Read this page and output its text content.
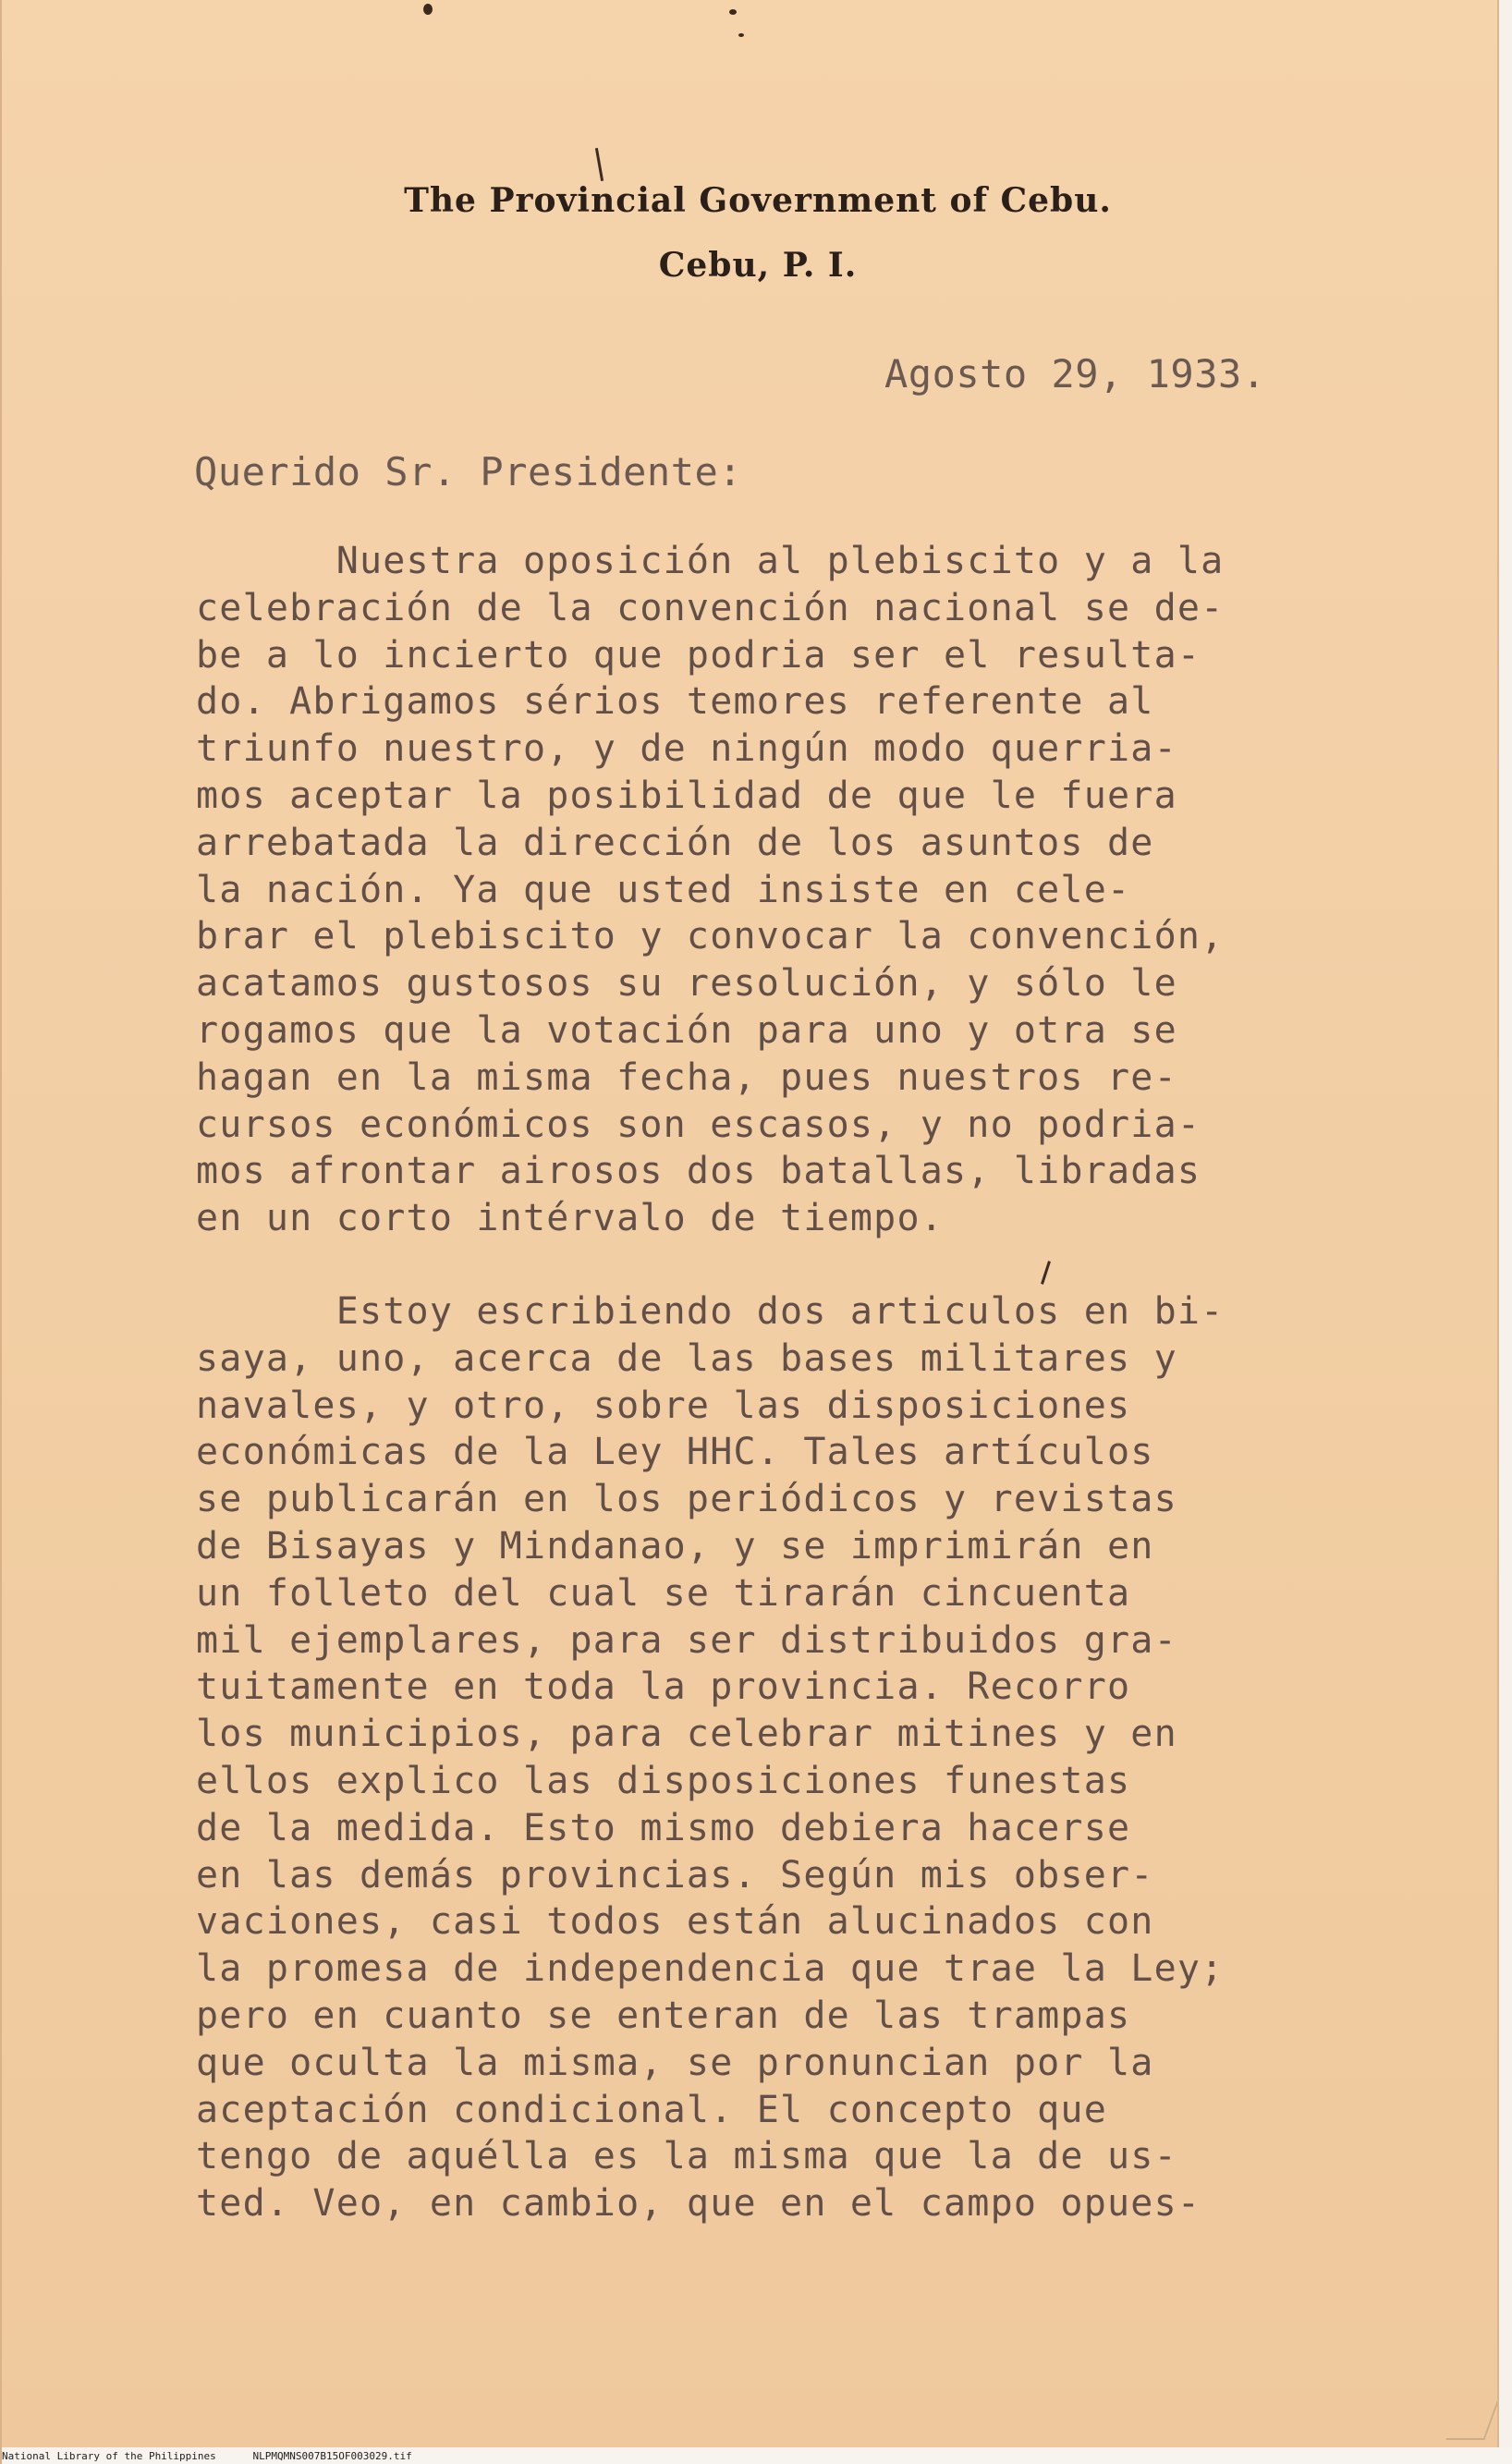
The Provincial Government of Cebu.
Cebu, P. I.
Agosto 29, 1933.
Querido Sr. Presidente:
Nuestra oposición al plebiscito y a la
celebración de la convención nacional se de-
be a lo incierto que podria ser el resulta-
do. Abrigamos sérios temores referente al
triunfo nuestro, y de ningún modo querria-
mos aceptar la posibilidad de que le fuera
arrebatada la dirección de los asuntos de
la nación. Ya que usted insiste en cele-
brar el plebiscito y convocar la convención,
acatamos gustosos su resolución, y sólo le
rogamos que la votación para uno y otra se
hagan en la misma fecha, pues nuestros re-
cursos económicos son escasos, y no podria-
mos afrontar airosos dos batallas, libradas
en un corto intérvalo de tiempo.
Estoy escribiendo dos articulos en bi-
saya, uno, acerca de las bases militares y
navales, y otro, sobre las disposiciones
económicas de la Ley HHC. Tales artículos
se publicarán en los periódicos y revistas
de Bisayas y Mindanao, y se imprimirán en
un folleto del cual se tirarán cincuenta
mil ejemplares, para ser distribuidos gra-
tuitamente en toda la provincia. Recorro
los municipios, para celebrar mitines y en
ellos explico las disposiciones funestas
de la medida. Esto mismo debiera hacerse
en las demás provincias. Según mis obser-
vaciones, casi todos están alucinados con
la promesa de independencia que trae la Ley;
pero en cuanto se enteran de las trampas
que oculta la misma, se pronuncian por la
aceptación condicional. El concepto que
tengo de aquélla es la misma que la de us-
ted. Veo, en cambio, que en el campo opues-
National Library of the Philippines      NLPMQMNS007B15OF003029.tif
